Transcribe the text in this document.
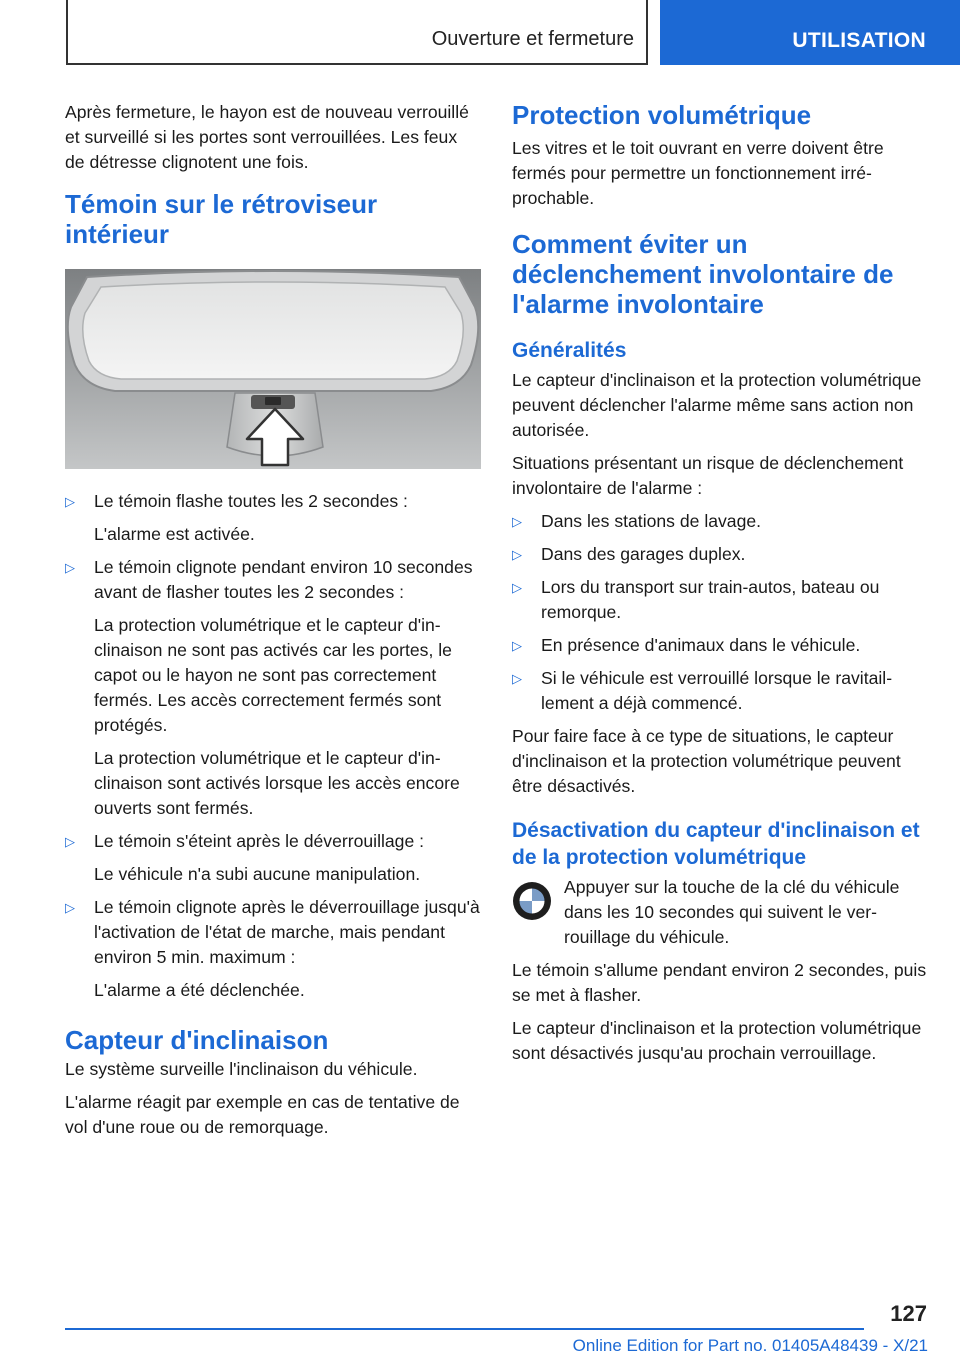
Ouverture et fermeture	UTILISATION

Après fermeture, le hayon est de nouveau verrouillé et surveillé si les portes sont verrouillées. Les feux de détresse clignotent une fois.

Témoin sur le rétroviseur intérieur
▷ Le témoin flashe toutes les 2 secondes :

L'alarme est activée.

▷ Le témoin clignote pendant environ 10 secondes avant de flasher toutes les 2 secondes :

La protection volumétrique et le capteur d'inclinaison ne sont pas activés car les portes, le capot ou le hayon ne sont pas correctement fermés. Les accès correctement fermés sont protégés.

La protection volumétrique et le capteur d'inclinaison sont activés lorsque les accès encore ouverts sont fermés.

▷ Le témoin s'éteint après le déverrouillage :

Le véhicule n'a subi aucune manipulation.

▷ Le témoin clignote après le déverrouillage jusqu'à l'activation de l'état de marche, mais pendant environ 5 min. maximum :

L'alarme a été déclenchée.

Capteur d'inclinaison

Le système surveille l'inclinaison du véhicule.

L'alarme réagit par exemple en cas de tentative de vol d'une roue ou de remorquage.

Protection volumétrique

Les vitres et le toit ouvrant en verre doivent être fermés pour permettre un fonctionnement irréprochable.

Comment éviter un déclenchement involontaire de l'alarme involontaire
Généralités

Le capteur d'inclinaison et la protection volumétrique peuvent déclencher l'alarme même sans action non autorisée.

Situations présentant un risque de déclenchement involontaire de l'alarme :

▷ Dans les stations de lavage.
▷ Dans des garages duplex.
▷ Lors du transport sur train-autos, bateau ou remorque.
▷ En présence d'animaux dans le véhicule.
▷ Si le véhicule est verrouillé lorsque le ravitaillement a déjà commencé.

Pour faire face à ce type de situations, le capteur d'inclinaison et la protection volumétrique peuvent être désactivés.

Désactivation du capteur d'inclinaison et de la protection volumétrique

Appuyer sur la touche de la clé du véhicule dans les 10 secondes qui suivent le verrouillage du véhicule.

Le témoin s'allume pendant environ 2 secondes, puis se met à flasher.

Le capteur d'inclinaison et la protection volumétrique sont désactivés jusqu'au prochain verrouillage.

127
Online Edition for Part no. 01405A48439 - X/21
